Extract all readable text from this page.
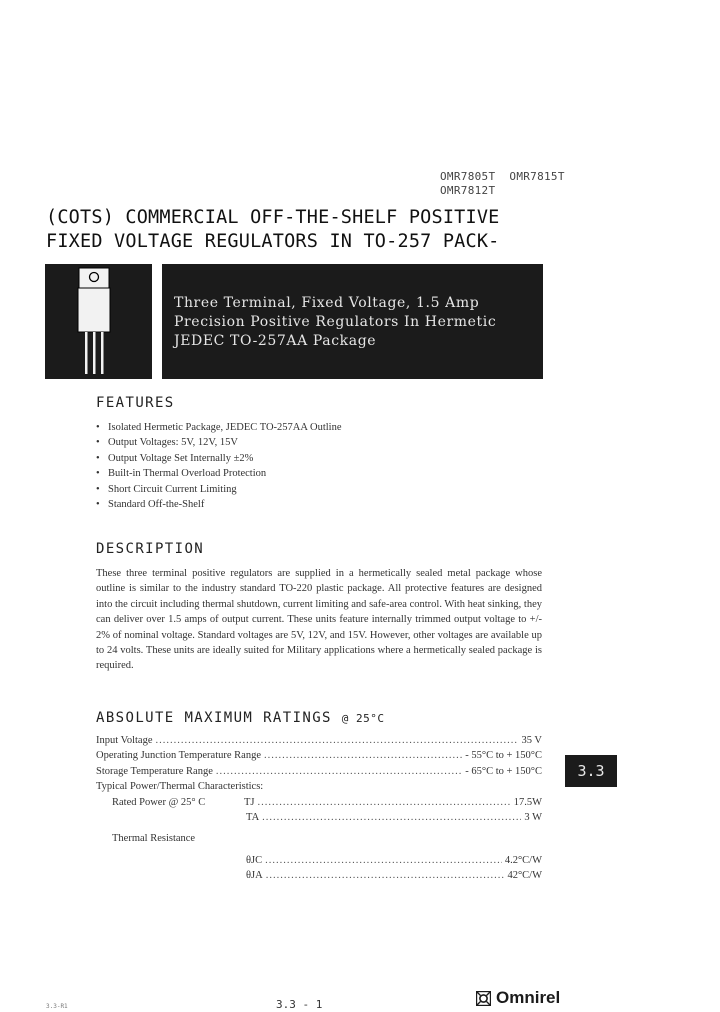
OMR7805T OMR7815T
OMR7812T
(COTS) COMMERCIAL OFF-THE-SHELF POSITIVE
FIXED VOLTAGE REGULATORS IN TO-257 PACK-
Three Terminal, Fixed Voltage, 1.5 Amp
Precision Positive Regulators In Hermetic
JEDEC TO-257AA Package
FEATURES
• Isolated Hermetic Package, JEDEC TO-257AA Outline
• Output Voltages: 5V, 12V, 15V
• Output Voltage Set Internally ±2%
• Built-in Thermal Overload Protection
• Short Circuit Current Limiting
• Standard Off-the-Shelf
DESCRIPTION

These three terminal positive regulators are supplied in a hermetically sealed metal package whose outline is similar to the industry standard TO-220 plastic package. All protective features are designed into the circuit including thermal shutdown, current limiting and safe-area control. With heat sinking, they can deliver over 1.5 amps of output current. These units feature internally trimmed output voltage to +/- 2% of nominal voltage. Standard voltages are 5V, 12V, and 15V. However, other voltages are available up to 24 volts. These units are ideally suited for Military applications where a hermetically sealed package is required.

ABSOLUTE MAXIMUM RATINGS @ 25°C
Input Voltage .....	35 V
Operating Junction Temperature Range .....	- 55°C to + 150°C
Storage Temperature Range .....	- 65°C to + 150°C
Typical Power/Thermal Characteristics:
Rated Power @ 25° C	TJ .....	17.5W
TA .....	3 W
Thermal Resistance
θJC .....	4.2°C/W
θJA .....	42°C/W
3.3
3.3-R1	3.3 - 1	Omnirel
